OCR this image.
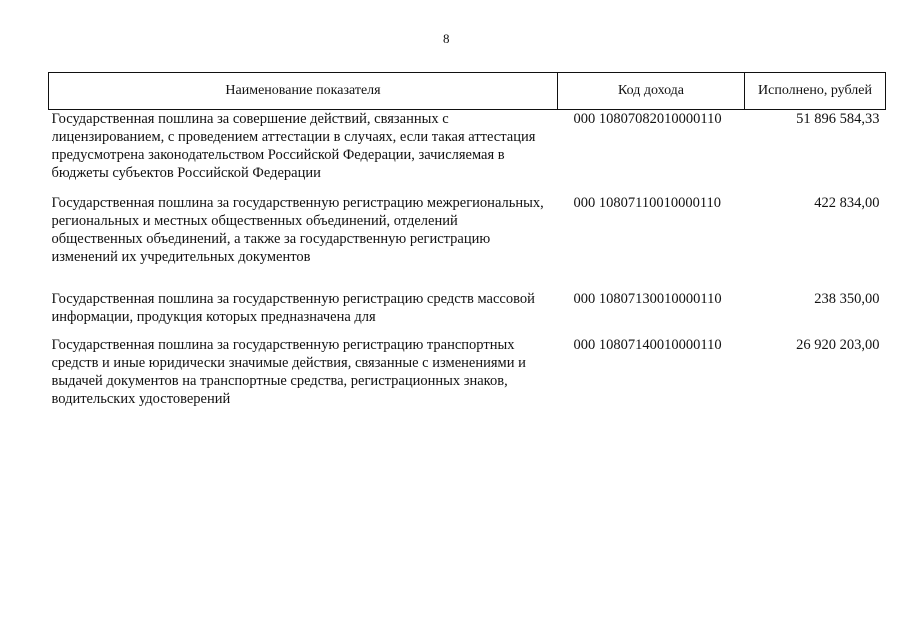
8
Наименование показателя	Код дохода	Исполнено, рублей

Государственная пошлина за совершение действий, связанных с лицензированием, с проведением аттестации в случаях, если такая аттестация предусмотрена законодательством Российской Федерации, зачисляемая в бюджеты субъектов Российской Федерации	000 10807082010000110	51 896 584,33

Государственная пошлина за государственную регистрацию межрегиональных, региональных и местных общественных объединений, отделений общественных объединений, а также за государственную регистрацию изменений их учредительных документов	000 10807110010000110	422 834,00

Государственная пошлина за государственную регистрацию средств массовой информации, продукция которых предназначена для	000 10807130010000110	238 350,00

Государственная пошлина за государственную регистрацию транспортных средств и иные юридически значимые действия, связанные с изменениями и выдачей документов на транспортные средства, регистрационных знаков, водительских удостоверений	000 10807140010000110	26 920 203,00
